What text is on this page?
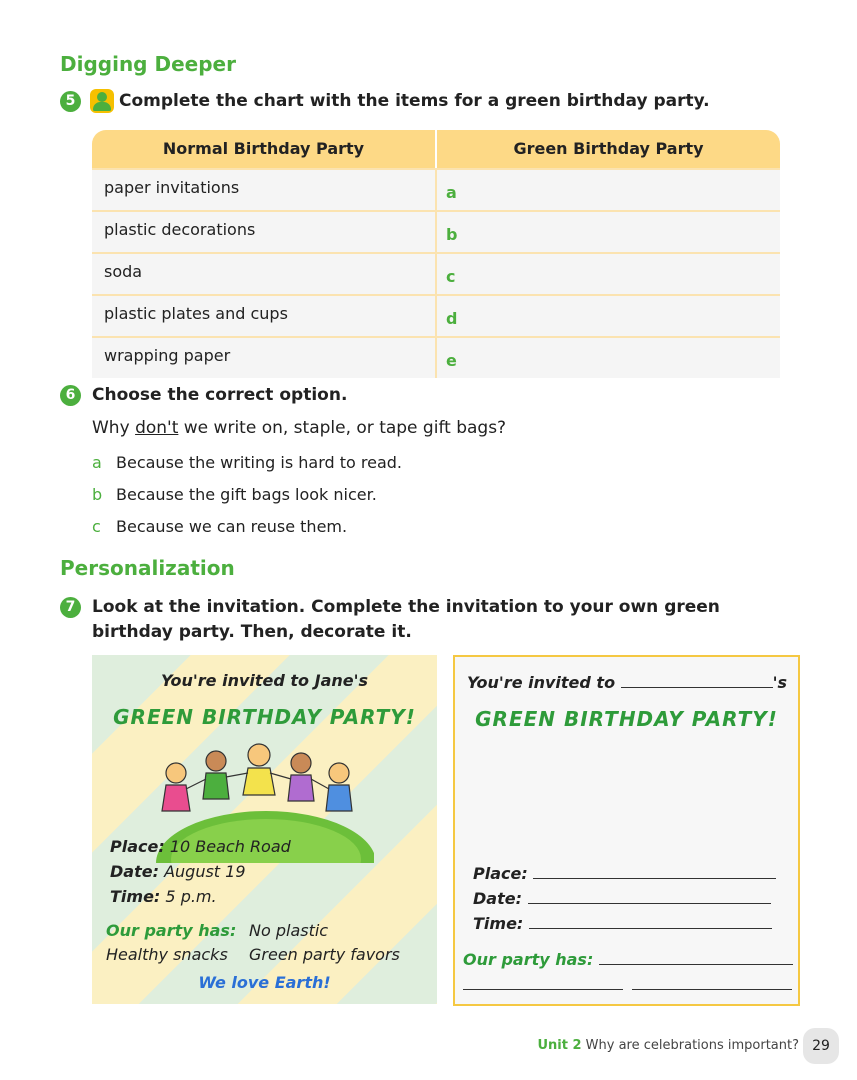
Digging Deeper
5	Complete the chart with the items for a green birthday party.
Normal Birthday Party	Green Birthday Party
paper invitations	a
plastic decorations	b
soda	c
plastic plates and cups	d
wrapping paper	e
6 Choose the correct option.
Why don't we write on, staple, or tape gift bags?
a Because the writing is hard to read.
b Because the gift bags look nicer.
c Because we can reuse them.
Personalization
7 Look at the invitation. Complete the invitation to your own green
birthday party. Then, decorate it.
You're invited to Jane's
GREEN BIRTHDAY PARTY!
Place: 10 Beach Road
Date: August 19
Time: 5 p.m.
Our party has: No plastic
Healthy snacks Green party favors
We love Earth!
You're invited to	's
GREEN BIRTHDAY PARTY!
Place:
Date:
Time:
Our party has:

Unit 2 Why are celebrations important? 29
